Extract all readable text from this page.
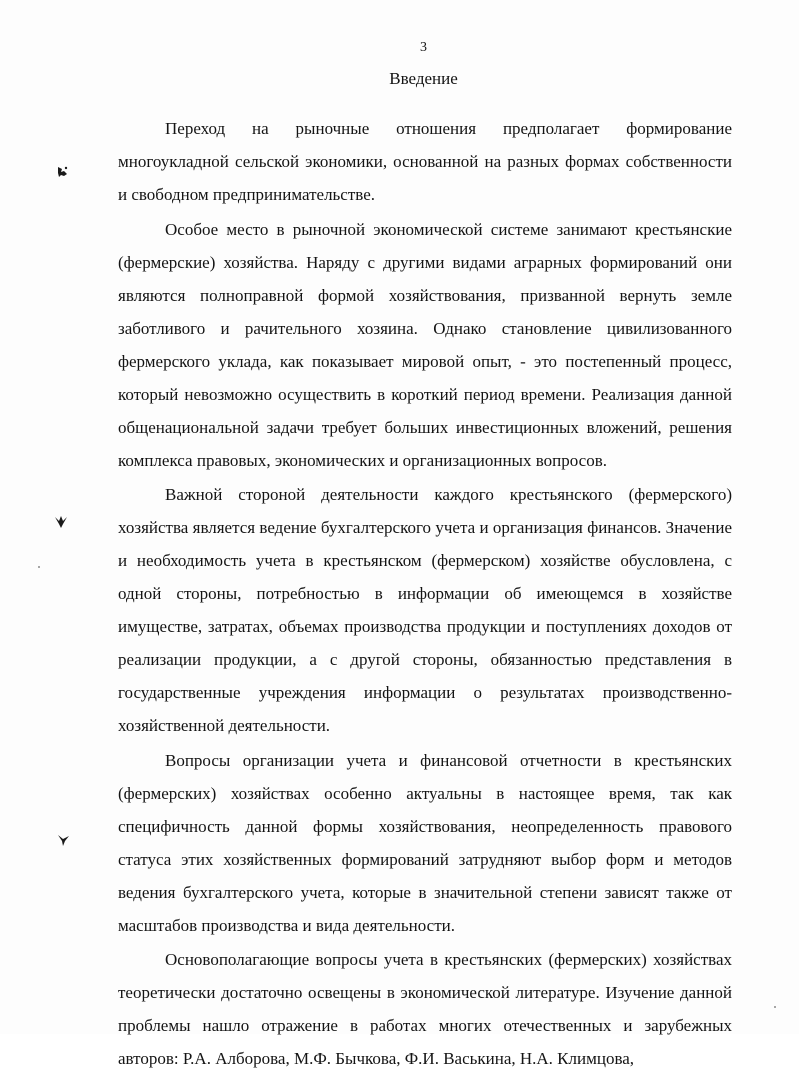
3
Введение

Переход на рыночные отношения предполагает формирование многоукладной сельской экономики, основанной на разных формах собственности и свободном предпринимательстве.

Особое место в рыночной экономической системе занимают крестьянские (фермерские) хозяйства. Наряду с другими видами аграрных формирований они являются полноправной формой хозяйствования, призванной вернуть земле заботливого и рачительного хозяина. Однако становление цивилизованного фермерского уклада, как показывает мировой опыт, - это постепенный процесс, который невозможно осуществить в короткий период времени. Реализация данной общенациональной задачи требует больших инвестиционных вложений, решения комплекса правовых, экономических и организационных вопросов.

Важной стороной деятельности каждого крестьянского (фермерского) хозяйства является ведение бухгалтерского учета и организация финансов. Значение и необходимость учета в крестьянском (фермерском) хозяйстве обусловлена, с одной стороны, потребностью в информации об имеющемся в хозяйстве имуществе, затратах, объемах производства продукции и поступлениях доходов от реализации продукции, а с другой стороны, обязанностью представления в государственные учреждения информации о результатах производственно-хозяйственной деятельности.

Вопросы организации учета и финансовой отчетности в крестьянских (фермерских) хозяйствах особенно актуальны в настоящее время, так как специфичность данной формы хозяйствования, неопределенность правового статуса этих хозяйственных формирований затрудняют выбор форм и методов ведения бухгалтерского учета, которые в значительной степени зависят также от масштабов производства и вида деятельности.

Основополагающие вопросы учета в крестьянских (фермерских) хозяйствах теоретически достаточно освещены в экономической литературе. Изучение данной проблемы нашло отражение в работах многих отечественных и зарубежных авторов: Р.А. Алборова, М.Ф. Бычкова, Ф.И. Васькина, Н.А. Климцова,
